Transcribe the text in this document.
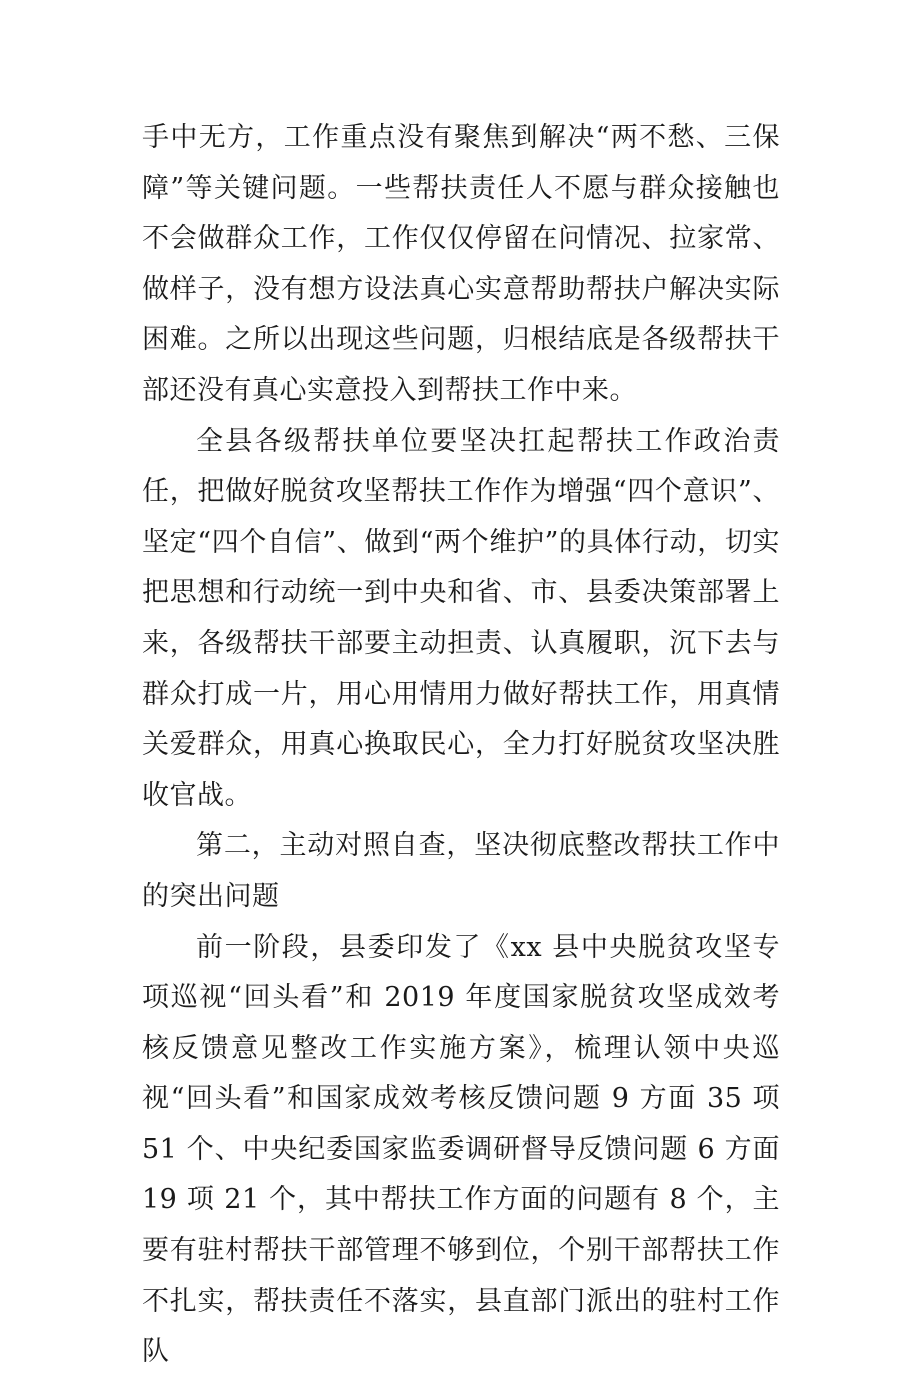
手中无方，工作重点没有聚焦到解决“两不愁、三保障”等关键问题。一些帮扶责任人不愿与群众接触也不会做群众工作，工作仅仅停留在问情况、拉家常、做样子，没有想方设法真心实意帮助帮扶户解决实际困难。之所以出现这些问题，归根结底是各级帮扶干部还没有真心实意投入到帮扶工作中来。

全县各级帮扶单位要坚决扛起帮扶工作政治责任，把做好脱贫攻坚帮扶工作作为增强“四个意识”、坚定“四个自信”、做到“两个维护”的具体行动，切实把思想和行动统一到中央和省、市、县委决策部署上来，各级帮扶干部要主动担责、认真履职，沉下去与群众打成一片，用心用情用力做好帮扶工作，用真情关爱群众，用真心换取民心，全力打好脱贫攻坚决胜收官战。

第二，主动对照自查，坚决彻底整改帮扶工作中的突出问题

前一阶段，县委印发了《xx 县中央脱贫攻坚专项巡视“回头看”和 2019 年度国家脱贫攻坚成效考核反馈意见整改工作实施方案》，梳理认领中央巡视“回头看”和国家成效考核反馈问题 9 方面 35 项 51 个、中央纪委国家监委调研督导反馈问题 6 方面 19 项 21 个，其中帮扶工作方面的问题有 8 个，主要有驻村帮扶干部管理不够到位，个别干部帮扶工作不扎实，帮扶责任不落实，县直部门派出的驻村工作队
